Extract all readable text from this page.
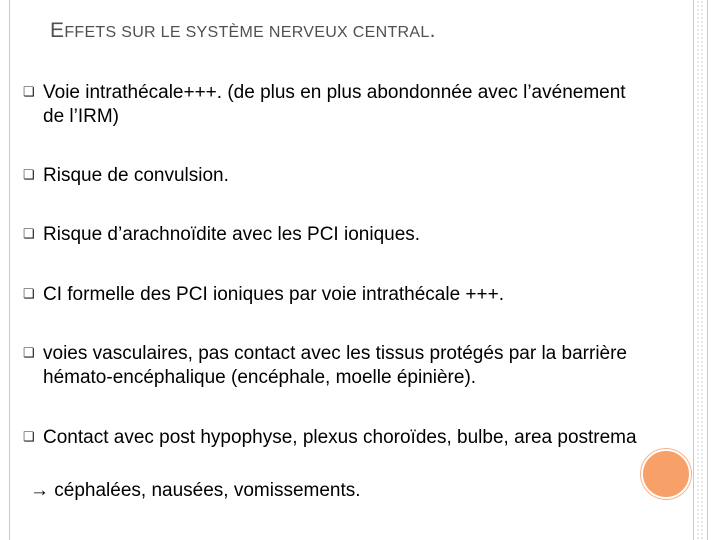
EFFETS SUR LE SYSTÈME NERVEUX CENTRAL.
❏ Voie intrathécale+++. (de plus en plus abondonnée avec l’avénement de l’IRM)
❏ Risque de convulsion.
❏ Risque d’arachnoïdite avec les PCI ioniques.
❏ CI formelle des PCI ioniques par voie intrathécale +++.
❏ voies vasculaires, pas contact avec les tissus protégés par la barrière hémato-encéphalique (encéphale, moelle épinière).
❏ Contact avec post hypophyse, plexus choroïdes, bulbe, area postrema
→ céphalées, nausées, vomissements.
